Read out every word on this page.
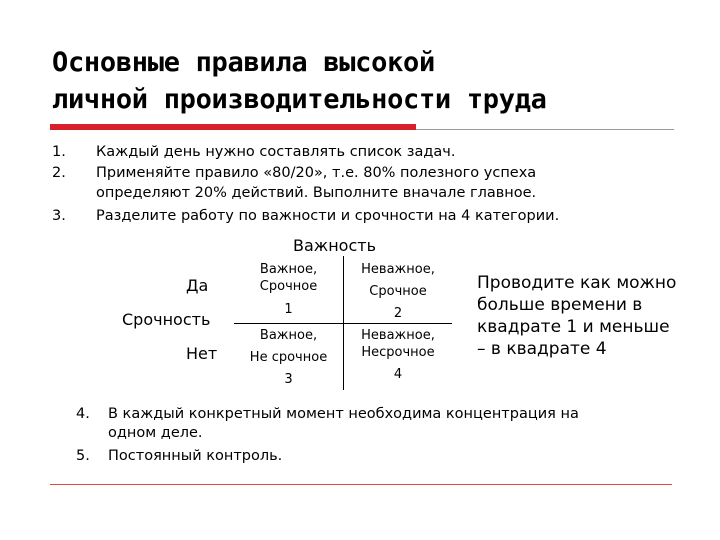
Основные правила высокой
личной производительности труда
1. Каждый день нужно составлять список задач.
2. Применяйте правило «80/20», т.е. 80% полезного успеха
определяют 20% действий. Выполните вначале главное.
3. Разделите работу по важности и срочности на 4 категории.
Важность
Да
Срочность
Нет
Важное,
Срочное
1
Неважное,
Срочное
2
Важное,
Не срочное
3
Неважное,
Несрочное
4
Проводите как можно
больше времени в
квадрате 1 и меньше
– в квадрате 4
4. В каждый конкретный момент необходима концентрация на
одном деле.
5. Постоянный контроль.
